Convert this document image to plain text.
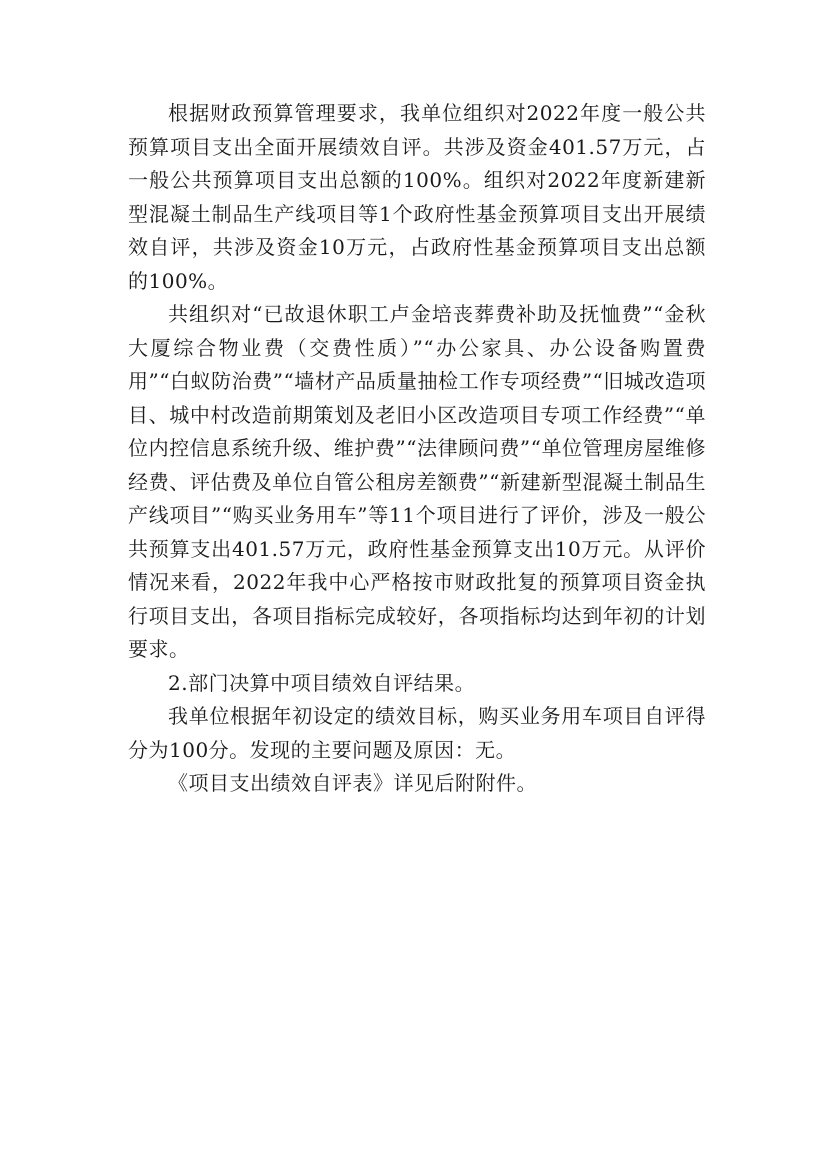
根据财政预算管理要求，我单位组织对2022年度一般公共预算项目支出全面开展绩效自评。共涉及资金401.57万元，占一般公共预算项目支出总额的100%。组织对2022年度新建新型混凝土制品生产线项目等1个政府性基金预算项目支出开展绩效自评，共涉及资金10万元，占政府性基金预算项目支出总额的100%。

共组织对“已故退休职工卢金培丧葬费补助及抚恤费”“金秋大厦综合物业费（交费性质）”“办公家具、办公设备购置费用”“白蚁防治费”“墙材产品质量抽检工作专项经费”“旧城改造项目、城中村改造前期策划及老旧小区改造项目专项工作经费”“单位内控信息系统升级、维护费”“法律顾问费”“单位管理房屋维修经费、评估费及单位自管公租房差额费”“新建新型混凝土制品生产线项目”“购买业务用车”等11个项目进行了评价，涉及一般公共预算支出401.57万元，政府性基金预算支出10万元。从评价情况来看，2022年我中心严格按市财政批复的预算项目资金执行项目支出，各项目指标完成较好，各项指标均达到年初的计划要求。

2.部门决算中项目绩效自评结果。

我单位根据年初设定的绩效目标，购买业务用车项目自评得分为100分。发现的主要问题及原因：无。

《项目支出绩效自评表》详见后附附件。
